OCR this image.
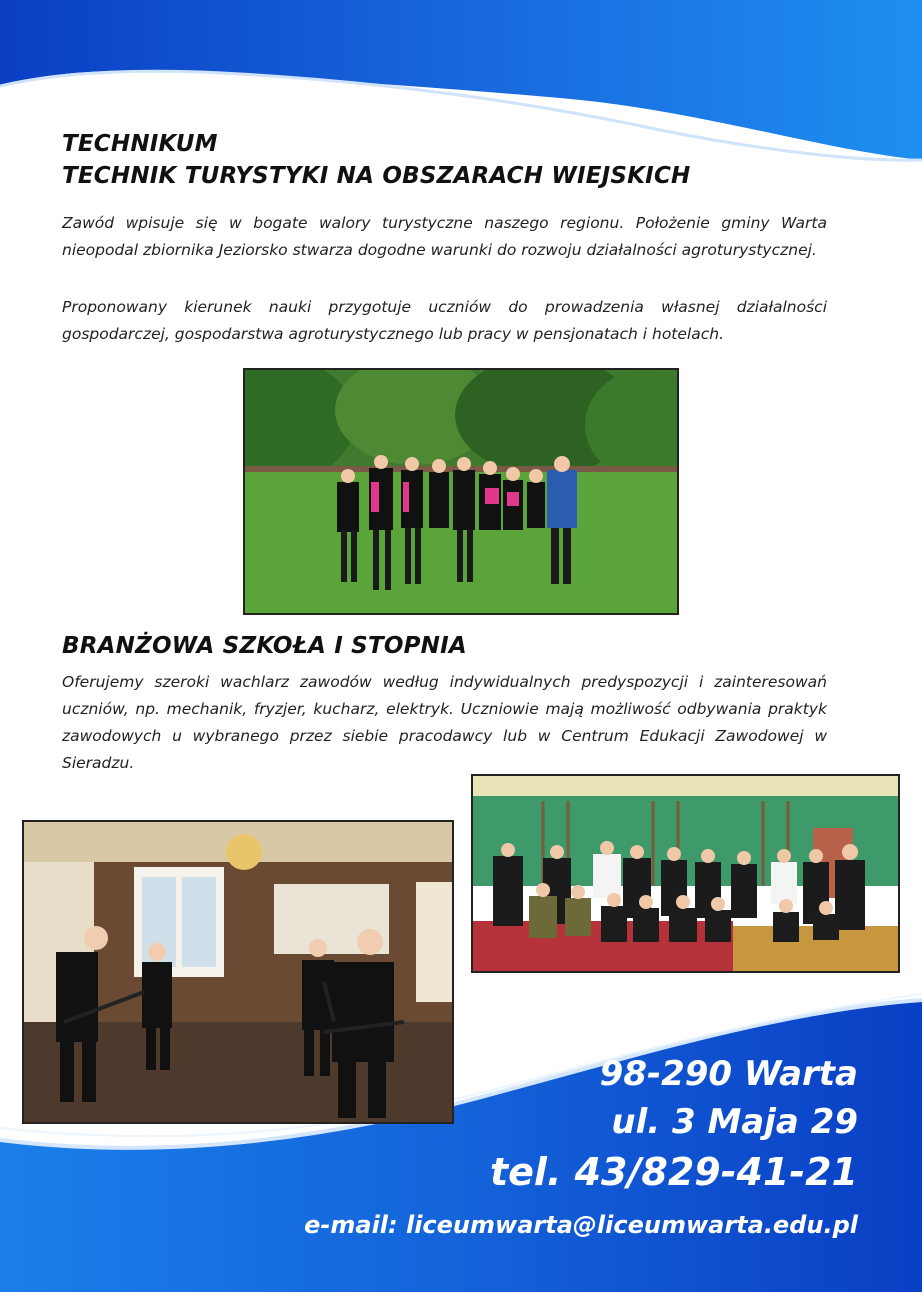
TECHNIKUM
TECHNIK TURYSTYKI NA OBSZARACH WIEJSKICH

Zawód wpisuje się w bogate walory turystyczne naszego regionu. Położenie gminy Warta nieopodal zbiornika Jeziorsko stwarza dogodne warunki do rozwoju działalności agroturystycznej.

Proponowany kierunek nauki przygotuje uczniów do prowadzenia własnej działalności gospodarczej, gospodarstwa agroturystycznego lub pracy w pensjonatach i hotelach.

BRANŻOWA SZKOŁA I STOPNIA

Oferujemy szeroki wachlarz zawodów według indywidualnych predyspozycji i zainteresowań uczniów, np. mechanik, fryzjer, kucharz, elektryk. Uczniowie mają możliwość odbywania praktyk zawodowych u wybranego przez siebie pracodawcy lub w Centrum Edukacji Zawodowej w Sieradzu.

98-290 Warta

ul. 3 Maja 29

tel. 43/829-41-21

e-mail: liceumwarta@liceumwarta.edu.pl
